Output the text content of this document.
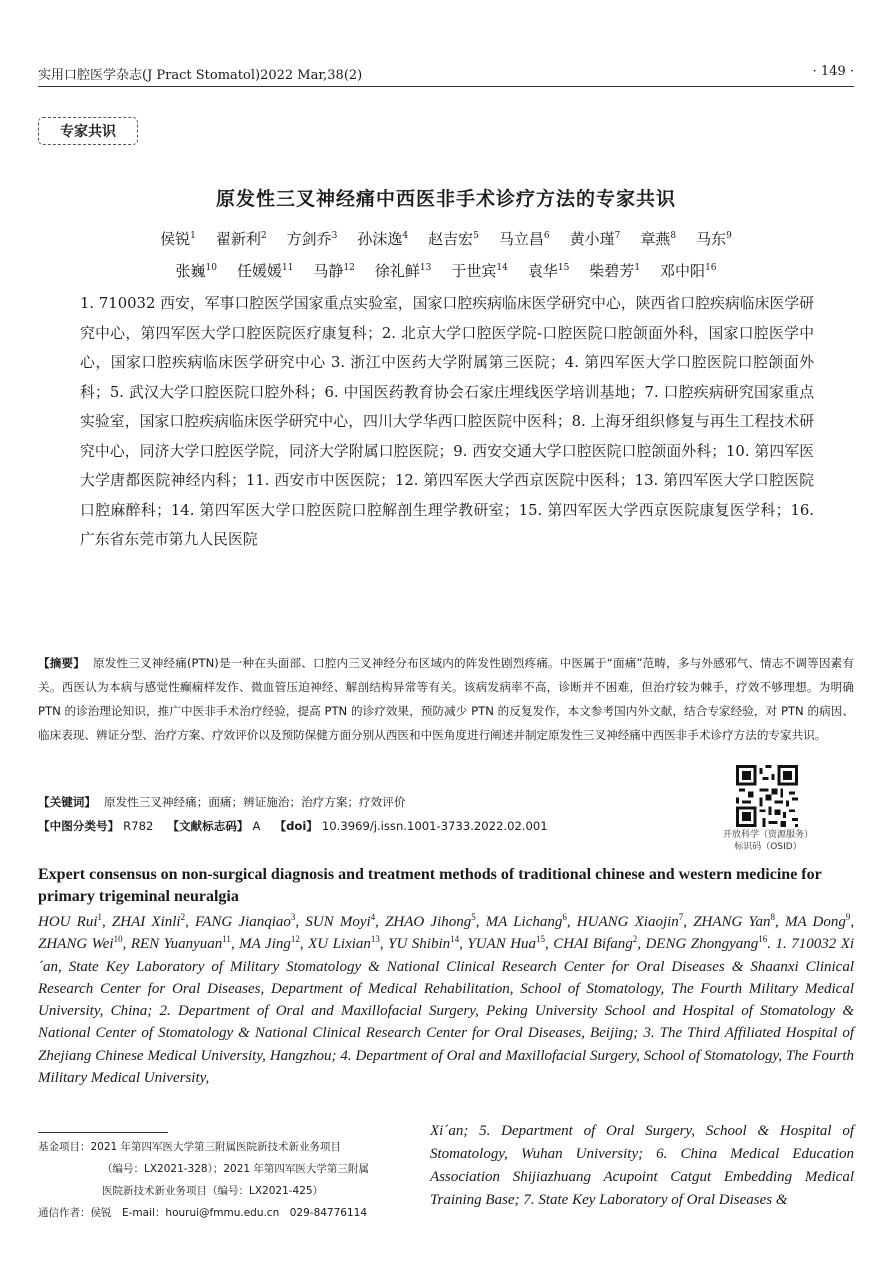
实用口腔医学杂志(J Pract Stomatol)2022 Mar,38(2)	· 149 ·
专家共识
原发性三叉神经痛中西医非手术诊疗方法的专家共识
侯锐$^1$ 翟新利$^2$ 方剑乔$^3$ 孙沫逸$^4$ 赵吉宏$^5$ 马立昌$^6$ 黄小瑾$^7$ 章燕$^8$ 马东$^9$
张巍$^{10}$ 任媛媛$^{11}$ 马静$^{12}$ 徐礼鲜$^{13}$ 于世宾$^{14}$ 袁华$^{15}$ 柴碧芳$^1$ 邓中阳$^{16}$

1. 710032 西安，军事口腔医学国家重点实验室，国家口腔疾病临床医学研究中心，陕西省口腔疾病临床医学研究中心，第四军医大学口腔医院医疗康复科；2. 北京大学口腔医学院-口腔医院口腔颌面外科，国家口腔医学中心，国家口腔疾病临床医学研究中心 3. 浙江中医药大学附属第三医院；4. 第四军医大学口腔医院口腔颌面外科；5. 武汉大学口腔医院口腔外科；6. 中国医药教育协会石家庄埋线医学培训基地；7. 口腔疾病研究国家重点实验室，国家口腔疾病临床医学研究中心，四川大学华西口腔医院中医科；8. 上海牙组织修复与再生工程技术研究中心，同济大学口腔医学院，同济大学附属口腔医院；9. 西安交通大学口腔医院口腔颌面外科；10. 第四军医大学唐都医院神经内科；11. 西安市中医医院；12. 第四军医大学西京医院中医科；13. 第四军医大学口腔医院口腔麻醉科；14. 第四军医大学口腔医院口腔解剖生理学教研室；15. 第四军医大学西京医院康复医学科；16. 广东省东莞市第九人民医院

【摘要】 原发性三叉神经痛(PTN)是一种在头面部、口腔内三叉神经分布区域内的阵发性剧烈疼痛。中医属于“面痛”范畴，多与外感邪气、情志不调等因素有关。西医认为本病与感觉性癫痫样发作、微血管压迫神经、解剖结构异常等有关。该病发病率不高，诊断并不困难，但治疗较为棘手，疗效不够理想。为明确 PTN 的诊治理论知识，推广中医非手术治疗经验，提高 PTN 的诊疗效果，预防减少 PTN 的反复发作，本文参考国内外文献，结合专家经验，对 PTN 的病因、临床表现、辨证分型、治疗方案、疗效评价以及预防保健方面分别从西医和中医角度进行阐述并制定原发性三叉神经痛中西医非手术诊疗方法的专家共识。

【关键词】 原发性三叉神经痛；面痛；辨证施治；治疗方案；疗效评价

【中图分类号】 R782 【文献标志码】 A 【doi】 10.3969/j.issn.1001-3733.2022.02.001

开放科学（资源服务）
标识码（OSID）
Expert consensus on non-surgical diagnosis and treatment methods of traditional chinese and western medicine for primary trigeminal neuralgia

HOU Rui$^1$, ZHAI Xinli$^2$, FANG Jianqiao$^3$, SUN Moyi$^4$, ZHAO Jihong$^5$, MA Lichang$^6$, HUANG Xiaojin$^7$, ZHANG Yan$^8$, MA Dong$^9$, ZHANG Wei$^{10}$, REN Yuanyuan$^{11}$, MA Jing$^{12}$, XU Lixian$^{13}$, YU Shibin$^{14}$, YUAN Hua$^{15}$, CHAI Bifang$^2$, DENG Zhongyang$^{16}$. 1. 710032 Xi´an, State Key Laboratory of Military Stomatology & National Clinical Research Center for Oral Diseases & Shaanxi Clinical Research Center for Oral Diseases, Department of Medical Rehabilitation, School of Stomatology, The Fourth Military Medical University, China; 2. Department of Oral and Maxillofacial Surgery, Peking University School and Hospital of Stomatology & National Center of Stomatology & National Clinical Research Center for Oral Diseases, Beijing; 3. The Third Affiliated Hospital of Zhejiang Chinese Medical University, Hangzhou; 4. Department of Oral and Maxillofacial Surgery, School of Stomatology, The Fourth Military Medical University,

基金项目：2021 年第四军医大学第三附属医院新技术新业务项目
（编号：LX2021-328）；2021 年第四军医大学第三附属
医院新技术新业务项目（编号：LX2021-425）
通信作者：侯锐　E-mail：hourui@fmmu.edu.cn　029-84776114

Xi´an; 5. Department of Oral Surgery, School & Hospital of Stomatology, Wuhan University; 6. China Medical Education Association Shijiazhuang Acupoint Catgut Embedding Medical Training Base; 7. State Key Laboratory of Oral Diseases &
